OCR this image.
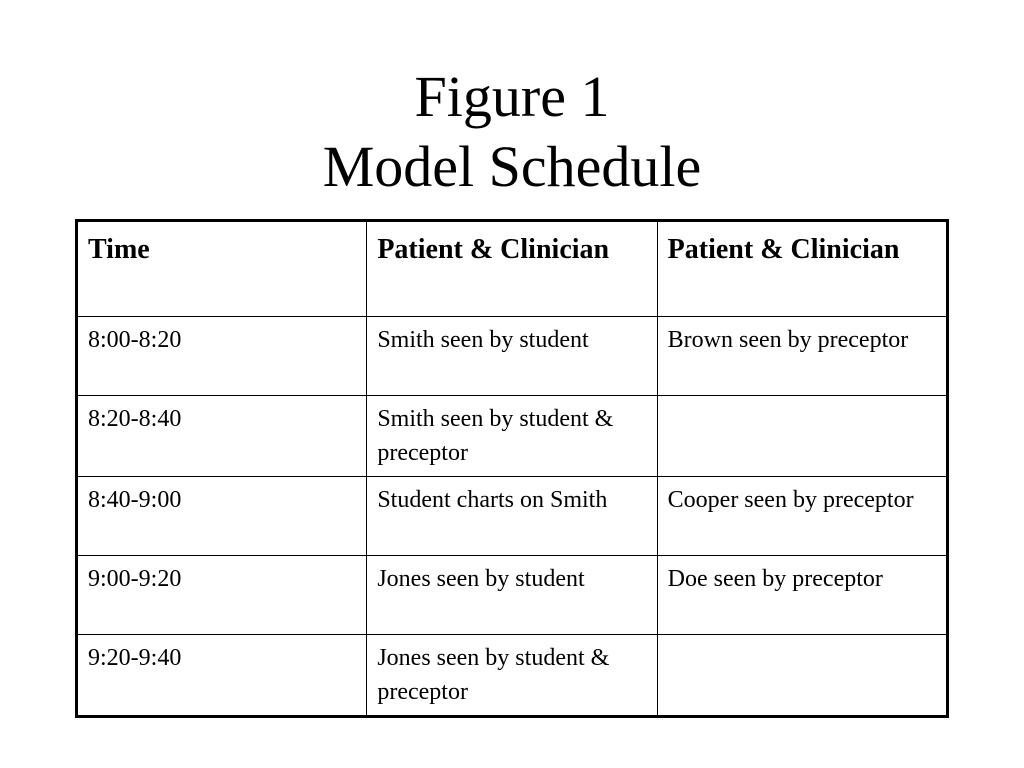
Figure 1
Model Schedule
Time	Patient & Clinician	Patient & Clinician
8:00-8:20	Smith seen by student	Brown seen by preceptor
8:20-8:40	Smith seen by student & preceptor	
8:40-9:00	Student charts on Smith	Cooper seen by preceptor
9:00-9:20	Jones seen by student	Doe seen by preceptor
9:20-9:40	Jones seen by student & preceptor	
